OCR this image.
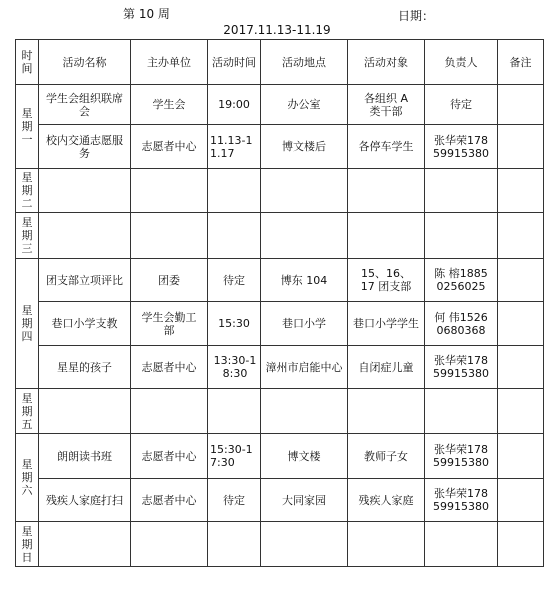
第 10 周	日期：
2017.11.13-11.19
时间	活动名称	主办单位	活动时间	活动地点	活动对象	负责人	备注
星期一	学生会组织联席会	学生会	19:00	办公室	各组织 A 类干部	待定	

	校内交通志愿服务	志愿者中心	11.13-11.17	博文楼后	各停车学生	张华荣17859915380	

星期二							
星期三							
星期四	团支部立项评比	团委	待定	博东 104	15、16、17 团支部	陈 榕18850256025	

	巷口小学支教	学生会勤工部	15:30	巷口小学	巷口小学学生	何 伟15260680368	

	星星的孩子	志愿者中心	13:30-18:30	漳州市启能中心	自闭症儿童	张华荣17859915380	

星期五							
星期六	朗朗读书班	志愿者中心	15:30-17:30	博文楼	教师子女	张华荣17859915380	

	残疾人家庭打扫	志愿者中心	待定	大同家园	残疾人家庭	张华荣17859915380	

星期日							
